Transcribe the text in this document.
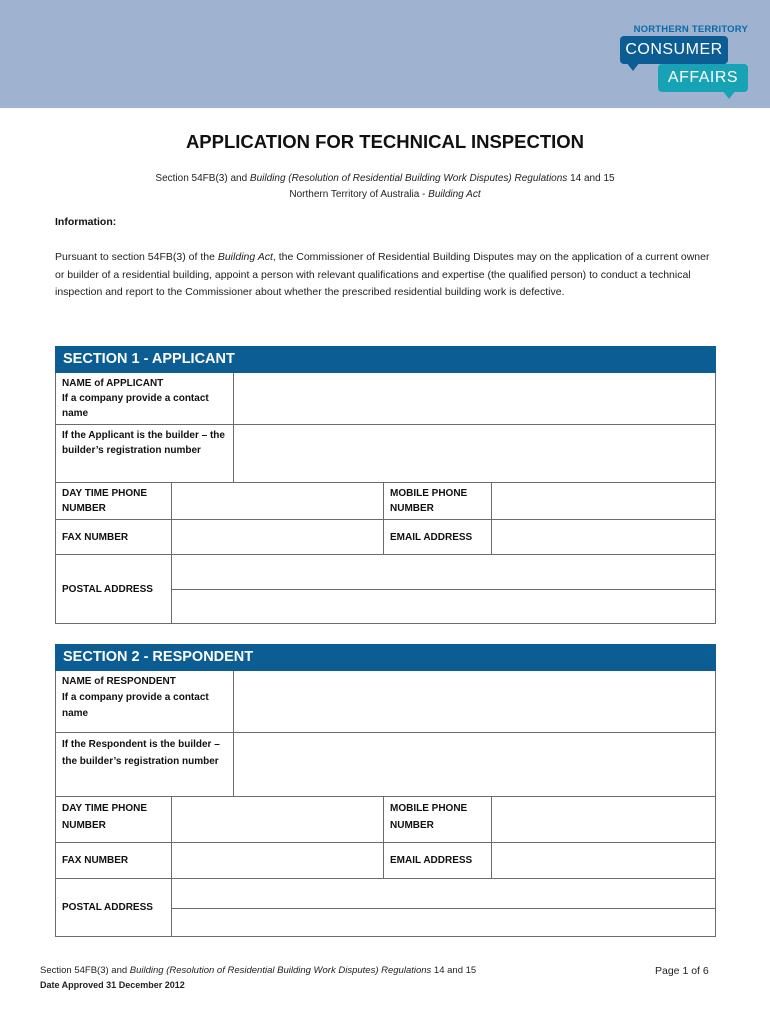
NORTHERN TERRITORY
CONSUMER
AFFAIRS
APPLICATION FOR TECHNICAL INSPECTION
Section 54FB(3) and Building (Resolution of Residential Building Work Disputes) Regulations 14 and 15
Northern Territory of Australia - Building Act
Information:
Pursuant to section 54FB(3) of the Building Act, the Commissioner of Residential Building Disputes may on the application of a current owner or builder of a residential building, appoint a person with relevant qualifications and expertise (the qualified person) to conduct a technical inspection and report to the Commissioner about whether the prescribed residential building work is defective.
SECTION 1 - APPLICANT				
NAME of APPLICANT
If a company provide a contact name				
If the Applicant is the builder – the builder’s registration number				
DAY TIME PHONE NUMBER			MOBILE PHONE NUMBER	
FAX NUMBER			EMAIL ADDRESS	
POSTAL ADDRESS				

SECTION 2 - RESPONDENT				
NAME of RESPONDENT
If a company provide a contact name				
If the Respondent is the builder – the builder’s registration number				
DAY TIME PHONE NUMBER			MOBILE PHONE NUMBER	
FAX NUMBER			EMAIL ADDRESS	
POSTAL ADDRESS				

Section 54FB(3) and Building (Resolution of Residential Building Work Disputes) Regulations 14 and 15
Date Approved 31 December 2012
Page 1 of 6
